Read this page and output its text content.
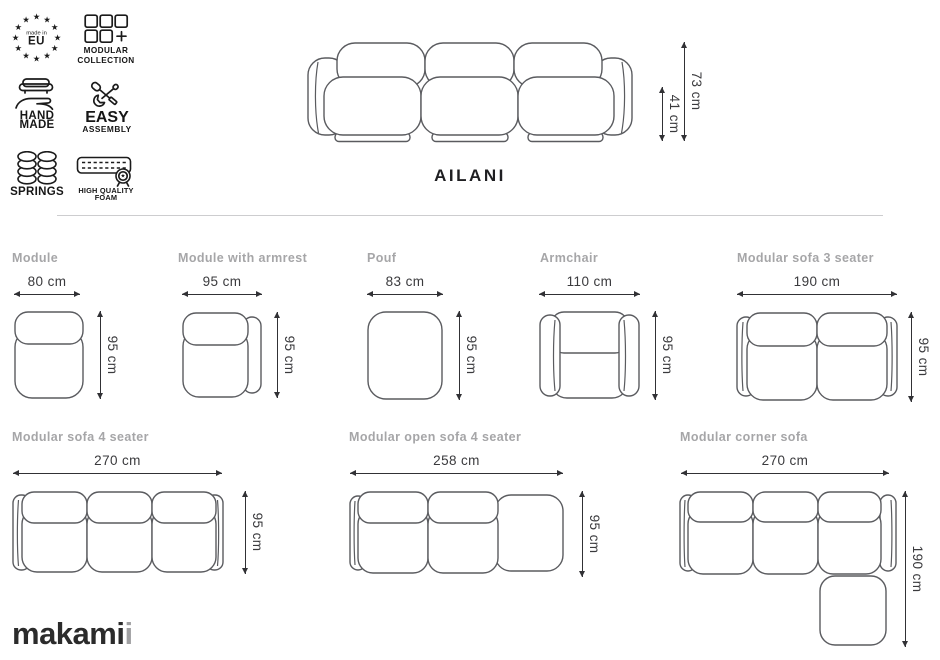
★ ★
★
★
★
★
★
★
★
★
★
★
made in
EU
MODULAR
COLLECTION
HAND
MADE	EASY
ASSEMBLY
SPRINGS
★
HIGH QUALITY
FOAM
41 cm
73 cm
AILANI
Module
80 cm
95 cm
Module with armrest
95 cm
95 cm
Pouf
83 cm
95 cm
Armchair
110 cm
95 cm
Modular sofa 3 seater
190 cm
95 cm
Modular sofa 4 seater
270 cm
95 cm
Modular open sofa 4 seater
258 cm
95 cm
Modular corner sofa
270 cm
190 cm
makamii
